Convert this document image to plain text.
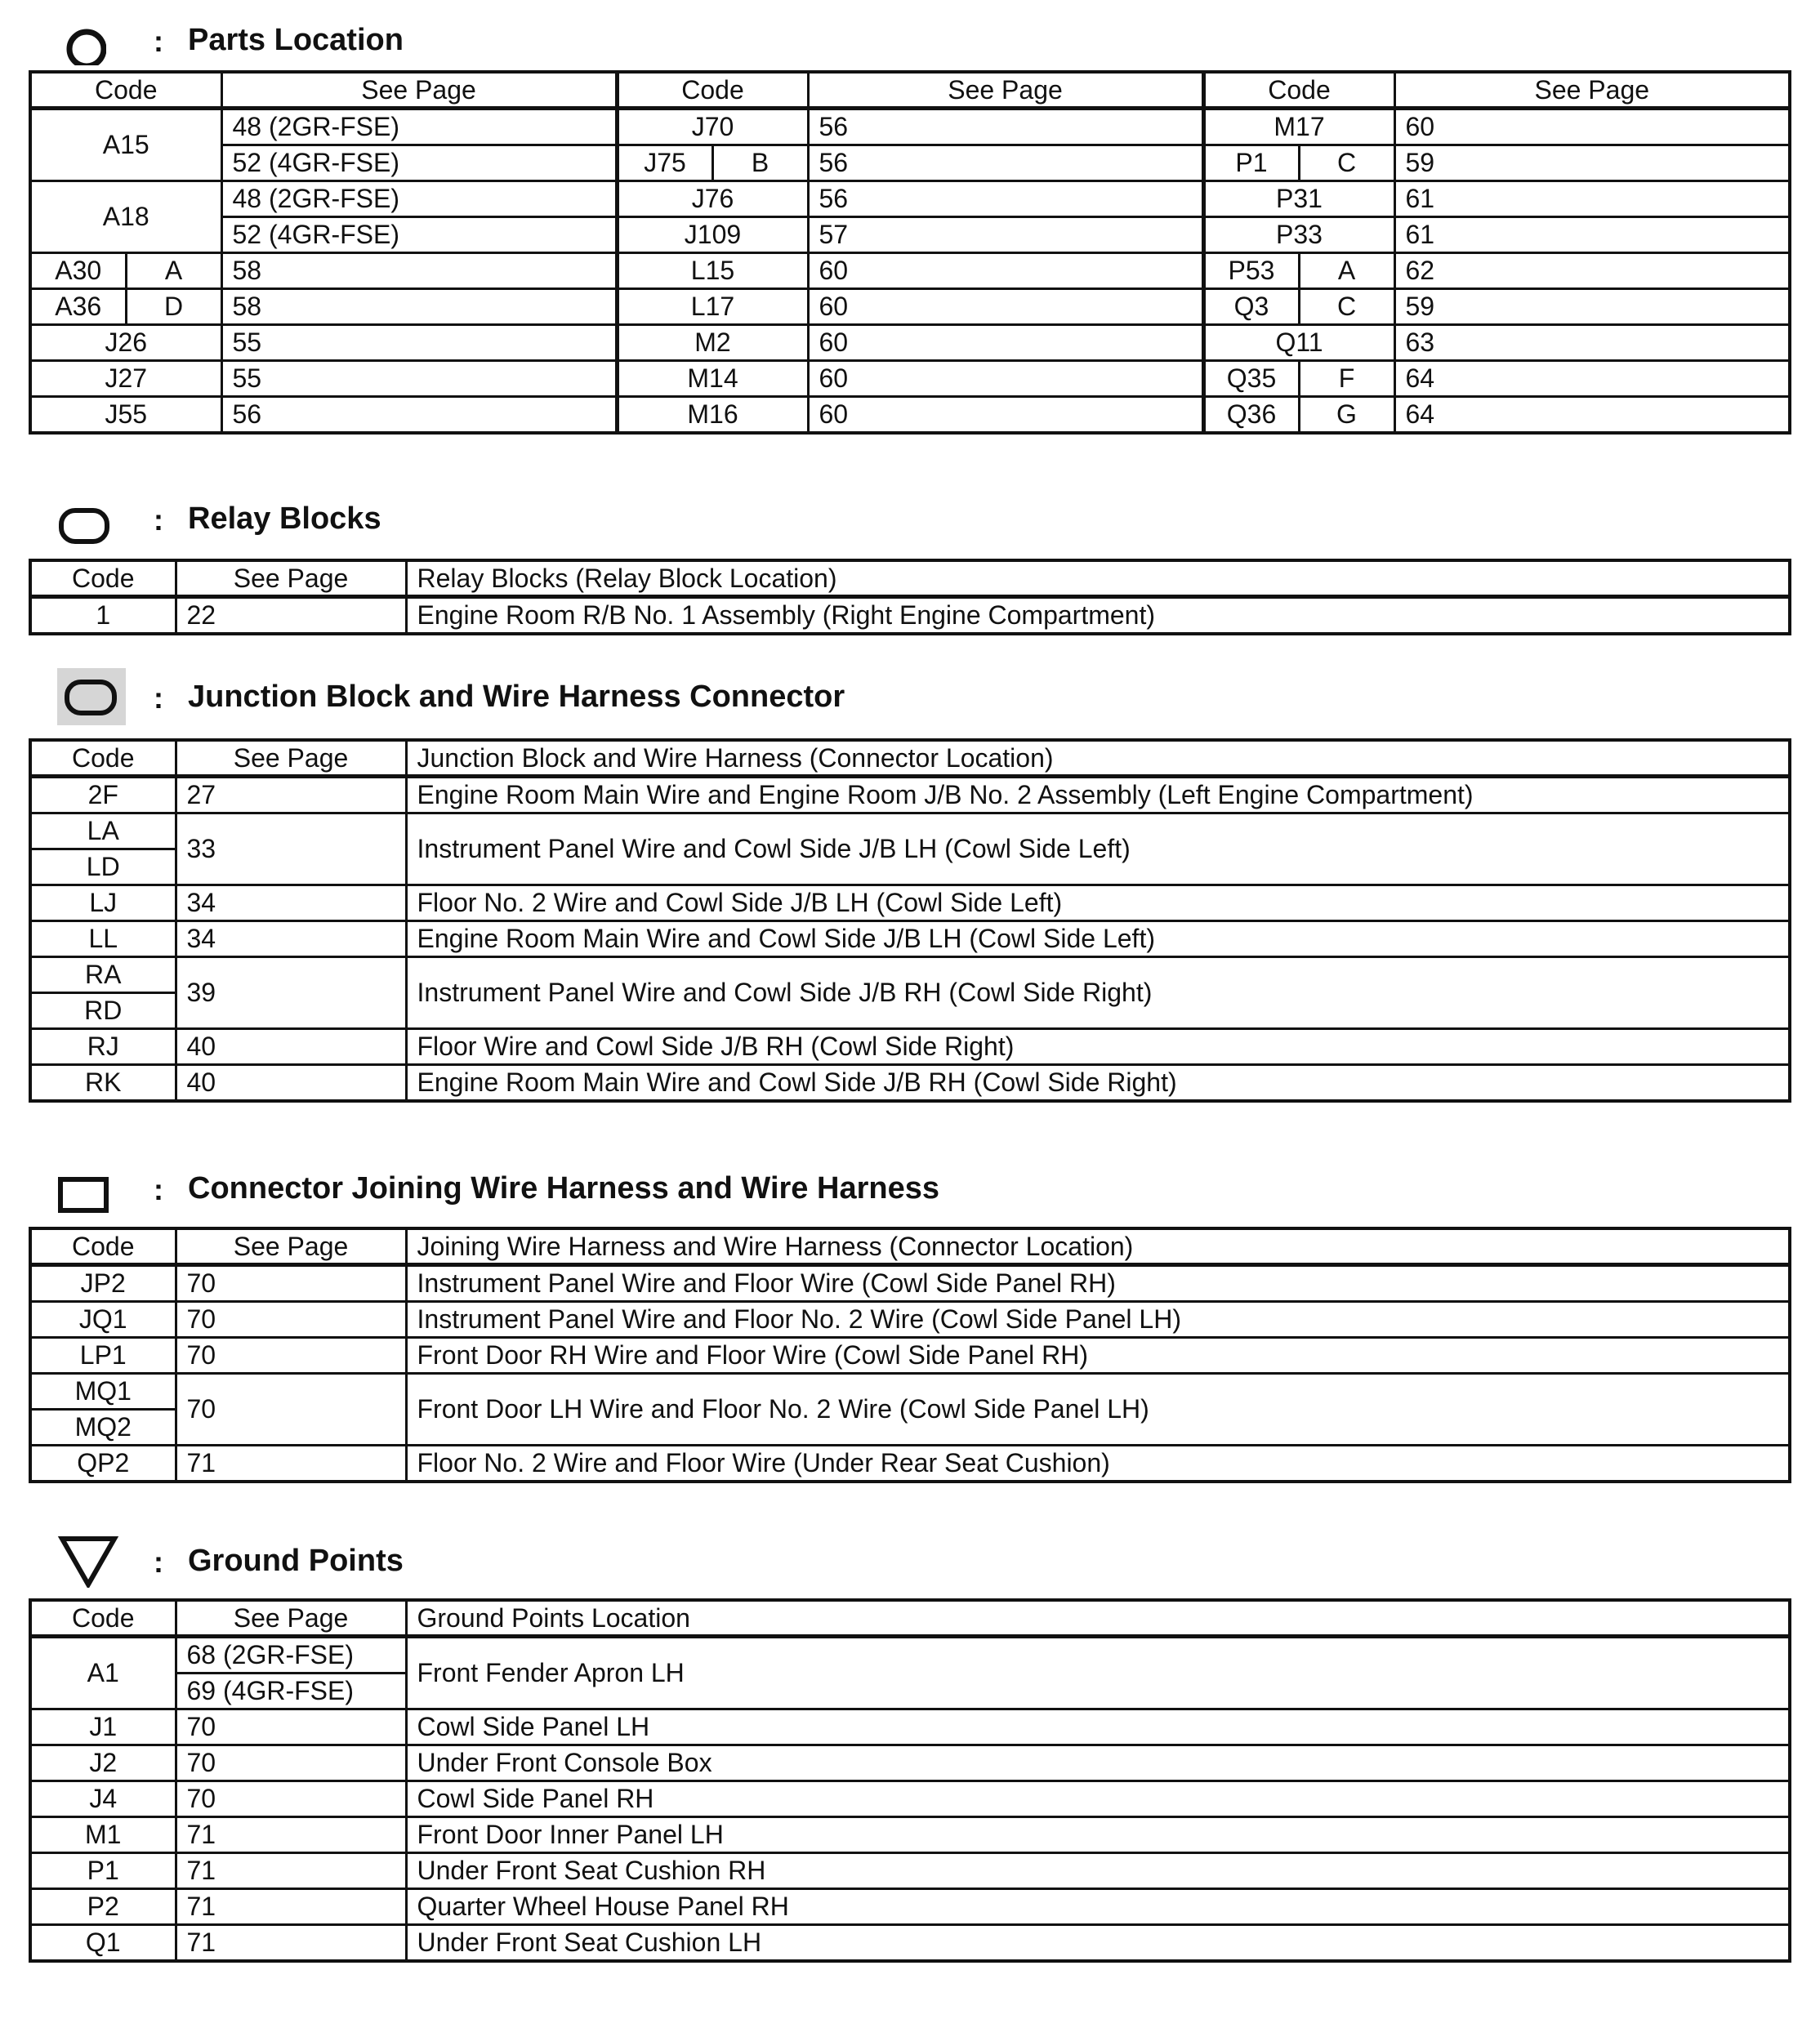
: Parts Location
Code		See Page	Code		See Page	Code		See Page
A15		48 (2GR-FSE)	J70		56	M17		60
		52 (4GR-FSE)	J75	B	56	P1	C	59
A18		48 (2GR-FSE)	J76		56	P31		61
		52 (4GR-FSE)	J109		57	P33		61
A30	A	58	L15		60	P53	A	62
A36	D	58	L17		60	Q3	C	59
J26		55	M2		60	Q11		63
J27		55	M14		60	Q35	F	64
J55		56	M16		60	Q36	G	64
: Relay Blocks
Code	See Page	Relay Blocks (Relay Block Location)
1	22	Engine Room R/B No. 1 Assembly (Right Engine Compartment)
: Junction Block and Wire Harness Connector
Code	See Page	Junction Block and Wire Harness (Connector Location)
2F	27	Engine Room Main Wire and Engine Room J/B No. 2 Assembly (Left Engine Compartment)
LA	33	Instrument Panel Wire and Cowl Side J/B LH (Cowl Side Left)
LD		
LJ	34	Floor No. 2 Wire and Cowl Side J/B LH (Cowl Side Left)
LL	34	Engine Room Main Wire and Cowl Side J/B LH (Cowl Side Left)
RA	39	Instrument Panel Wire and Cowl Side J/B RH (Cowl Side Right)
RD		
RJ	40	Floor Wire and Cowl Side J/B RH (Cowl Side Right)
RK	40	Engine Room Main Wire and Cowl Side J/B RH (Cowl Side Right)
: Connector Joining Wire Harness and Wire Harness
Code	See Page	Joining Wire Harness and Wire Harness (Connector Location)
JP2	70	Instrument Panel Wire and Floor Wire (Cowl Side Panel RH)
JQ1	70	Instrument Panel Wire and Floor No. 2 Wire (Cowl Side Panel LH)
LP1	70	Front Door RH Wire and Floor Wire (Cowl Side Panel RH)
MQ1	70	Front Door LH Wire and Floor No. 2 Wire (Cowl Side Panel LH)
MQ2		
QP2	71	Floor No. 2 Wire and Floor Wire (Under Rear Seat Cushion)
: Ground Points
Code	See Page	Ground Points Location
A1	68 (2GR-FSE)	Front Fender Apron LH
	69 (4GR-FSE)	
J1	70	Cowl Side Panel LH
J2	70	Under Front Console Box
J4	70	Cowl Side Panel RH
M1	71	Front Door Inner Panel LH
P1	71	Under Front Seat Cushion RH
P2	71	Quarter Wheel House Panel RH
Q1	71	Under Front Seat Cushion LH
